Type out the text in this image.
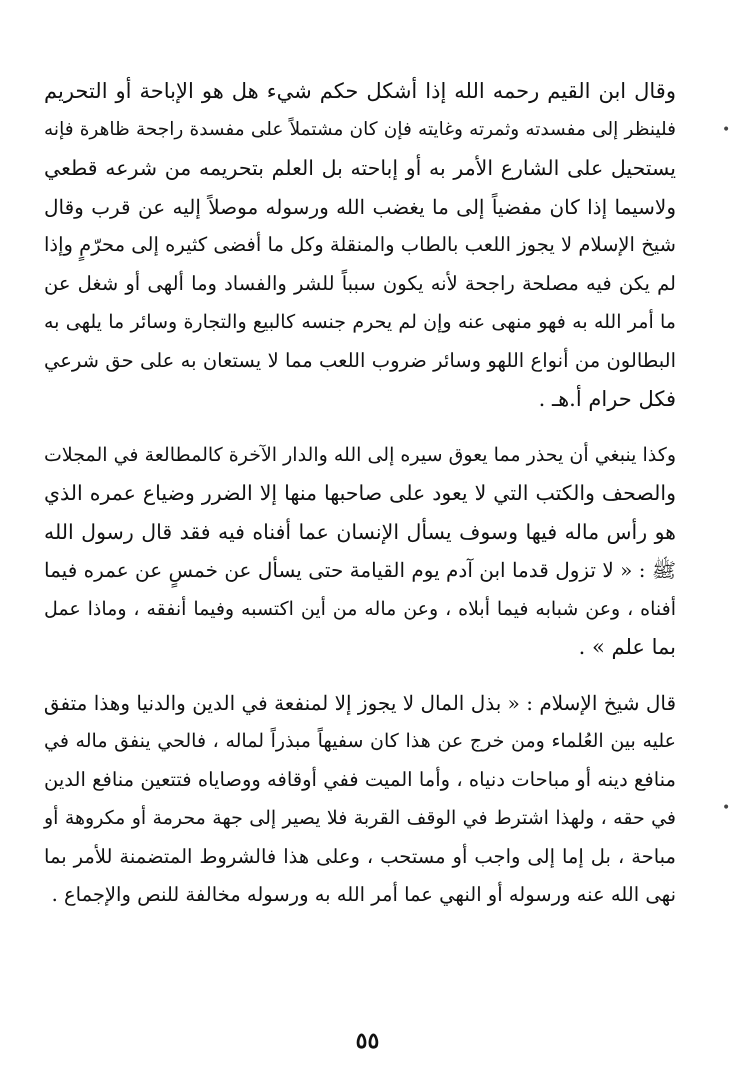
وقال ابن القيم رحمه الله إذا أشكل حكم شيء هل هو الإباحة أو التحريم
فلينظر إلى مفسدته وثمرته وغايته فإن كان مشتملاً على مفسدة راجحة ظاهرة فإنه
يستحيل على الشارع الأمر به أو إباحته بل العلم بتحريمه من شرعه قطعي
ولاسيما إذا كان مفضياً إلى ما يغضب الله ورسوله موصلاً إليه عن قرب وقال
شيخ الإسلام لا يجوز اللعب بالطاب والمنقلة وكل ما أفضى كثيره إلى محرّمٍ وإذا
لم يكن فيه مصلحة راجحة لأنه يكون سبباً للشر والفساد وما ألهى أو شغل عن
ما أمر الله به فهو منهى عنه وإن لم يحرم جنسه كالبيع والتجارة وسائر ما يلهى به
البطالون من أنواع اللهو وسائر ضروب اللعب مما لا يستعان به على حق شرعي
فكل حرام أ.هـ .
وكذا ينبغي أن يحذر مما يعوق سيره إلى الله والدار الآخرة كالمطالعة في المجلات
والصحف والكتب التي لا يعود على صاحبها منها إلا الضرر وضياع عمره الذي
هو رأس ماله فيها وسوف يسأل الإنسان عما أفناه فيه فقد قال رسول الله
ﷺ : « لا تزول قدما ابن آدم يوم القيامة حتى يسأل عن خمسٍ عن عمره فيما
أفناه ، وعن شبابه فيما أبلاه ، وعن ماله من أين اكتسبه وفيما أنفقه ، وماذا عمل
بما علم » .
قال شيخ الإسلام : « بذل المال لا يجوز إلا لمنفعة في الدين والدنيا وهذا متفق
عليه بين العُلماء ومن خرج عن هذا كان سفيهاً مبذراً لماله ، فالحي ينفق ماله في
منافع دينه أو مباحات دنياه ، وأما الميت ففي أوقافه ووصاياه فتتعين منافع الدين
في حقه ، ولهذا اشترط في الوقف القربة فلا يصير إلى جهة محرمة أو مكروهة أو
مباحة ، بل إما إلى واجب أو مستحب ، وعلى هذا فالشروط المتضمنة للأمر بما
نهى الله عنه ورسوله أو النهي عما أمر الله به ورسوله مخالفة للنص والإجماع .
•
•
٥٥
